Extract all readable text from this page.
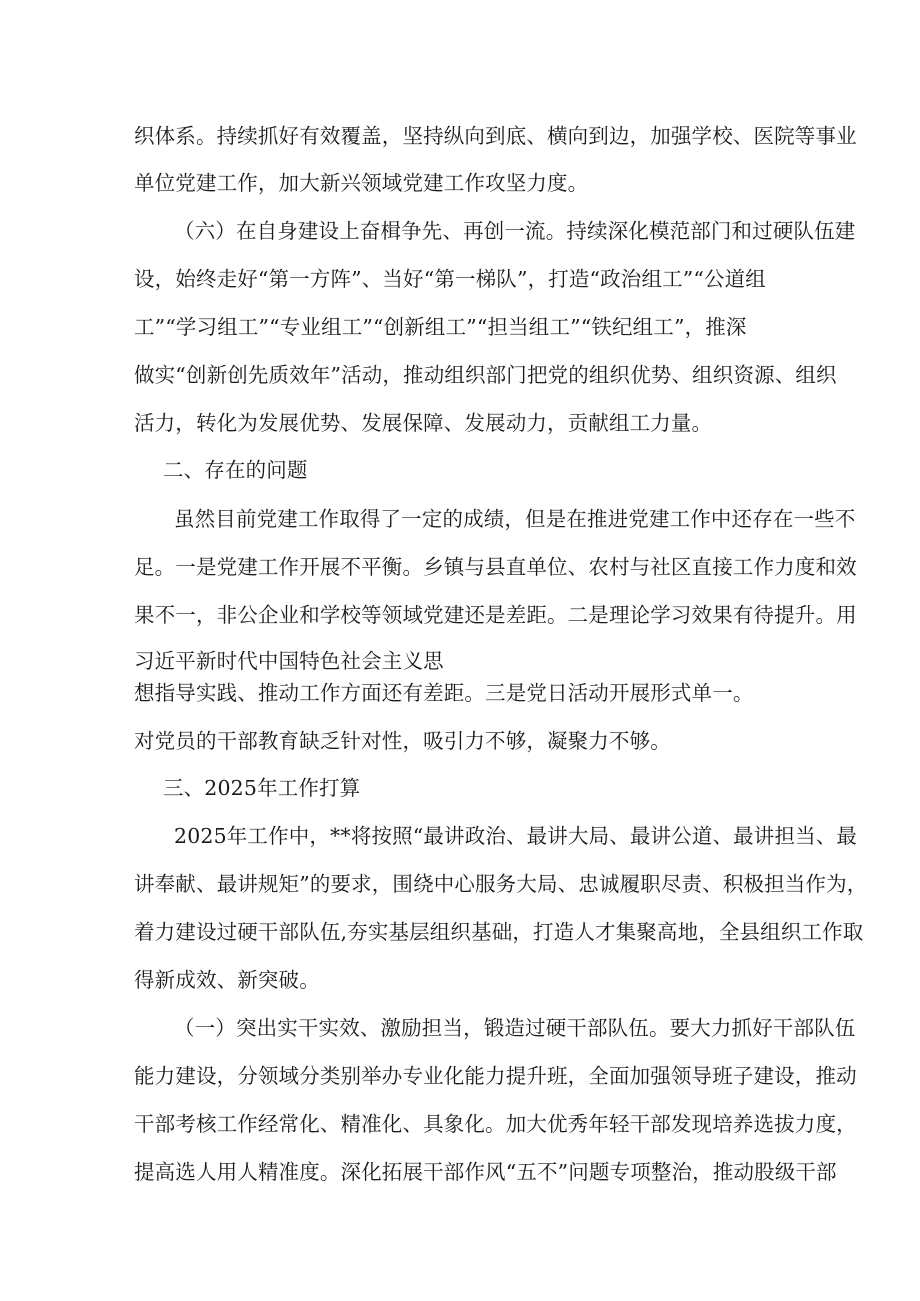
织体系。持续抓好有效覆盖，坚持纵向到底、横向到边，加强学校、医院等事业
单位党建工作，加大新兴领域党建工作攻坚力度。
（六）在自身建设上奋楫争先、再创一流。持续深化模范部门和过硬队伍建
设，始终走好“第一方阵”、当好“第一梯队”，打造“政治组工”“公道组
工”“学习组工”“专业组工”“创新组工”“担当组工”“铁纪组工”，推深
做实“创新创先质效年”活动，推动组织部门把党的组织优势、组织资源、组织
活力，转化为发展优势、发展保障、发展动力，贡献组工力量。
二、存在的问题
虽然目前党建工作取得了一定的成绩，但是在推进党建工作中还存在一些不
足。一是党建工作开展不平衡。乡镇与县直单位、农村与社区直接工作力度和效
果不一，非公企业和学校等领域党建还是差距。二是理论学习效果有待提升。用
习近平新时代中国特色社会主义思
想指导实践、推动工作方面还有差距。三是党日活动开展形式单一。
对党员的干部教育缺乏针对性，吸引力不够，凝聚力不够。
三、2025年工作打算
2025年工作中，**将按照“最讲政治、最讲大局、最讲公道、最讲担当、最
讲奉献、最讲规矩”的要求，围绕中心服务大局、忠诚履职尽责、积极担当作为，
着力建设过硬干部队伍,夯实基层组织基础，打造人才集聚高地，全县组织工作取
得新成效、新突破。
（一）突出实干实效、激励担当，锻造过硬干部队伍。要大力抓好干部队伍
能力建设，分领域分类别举办专业化能力提升班，全面加强领导班子建设，推动
干部考核工作经常化、精准化、具象化。加大优秀年轻干部发现培养选拔力度，
提高选人用人精准度。深化拓展干部作风“五不”问题专项整治，推动股级干部
